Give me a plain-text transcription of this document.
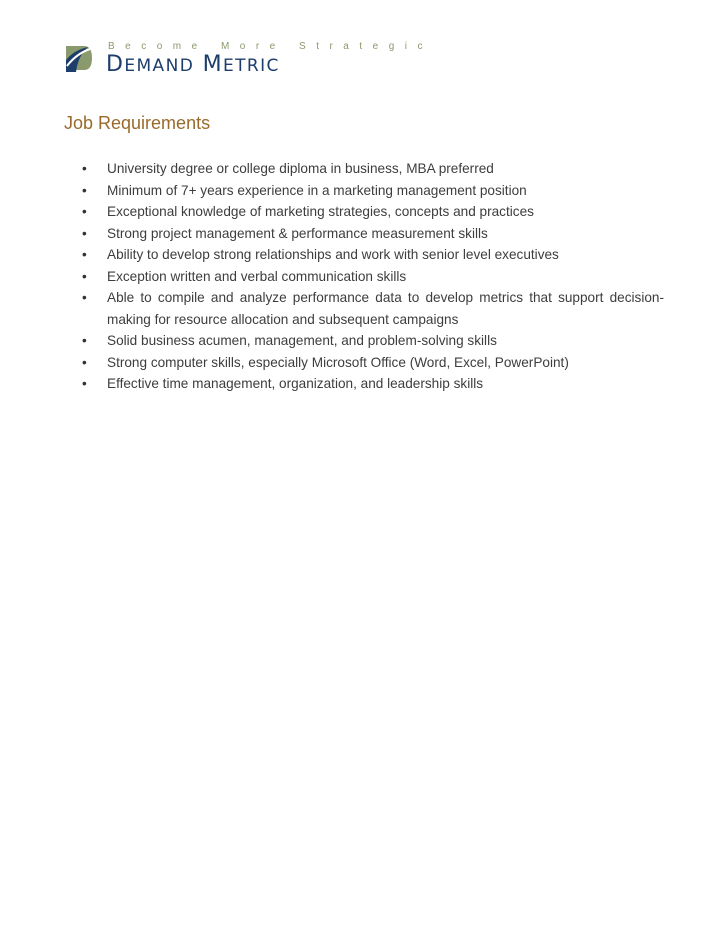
Become More Strategic
DEMAND METRIC
Job Requirements
• University degree or college diploma in business, MBA preferred
• Minimum of 7+ years experience in a marketing management position
• Exceptional knowledge of marketing strategies, concepts and practices
• Strong project management & performance measurement skills
• Ability to develop strong relationships and work with senior level executives
• Exception written and verbal communication skills
• Able to compile and analyze performance data to develop metrics that support decision-making for resource allocation and subsequent campaigns
• Solid business acumen, management, and problem-solving skills
• Strong computer skills, especially Microsoft Office (Word, Excel, PowerPoint)
• Effective time management, organization, and leadership skills
